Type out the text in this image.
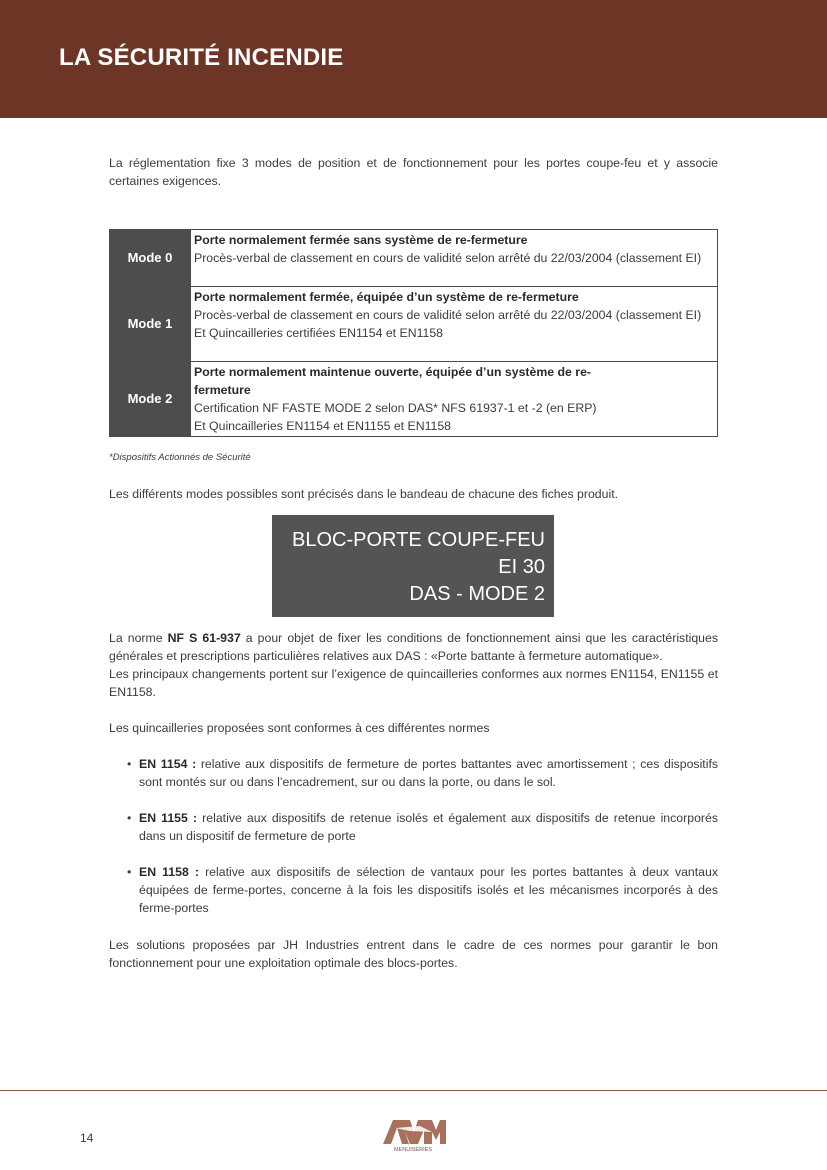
LA SÉCURITÉ INCENDIE

La réglementation fixe 3 modes de position et de fonctionnement pour les portes coupe-feu et y associe certaines exigences.

Mode 0	Porte normalement fermée sans système de re-fermeture
Procès-verbal de classement en cours de validité selon arrêté du 22/03/2004 (classement EI)

Mode 1	Porte normalement fermée, équipée d’un système de re-fermeture
Procès-verbal de classement en cours de validité selon arrêté du 22/03/2004 (classement EI)
Et Quincailleries certifiées EN1154 et EN1158

Mode 2	Porte normalement maintenue ouverte, équipée d’un système de re-fermeture
Certification NF FASTE MODE 2 selon DAS* NFS 61937-1 et -2 (en ERP)
Et Quincailleries EN1154 et EN1155 et EN1158

*Dispositifs Actionnés de Sécurité

Les différents modes possibles sont précisés dans le bandeau de chacune des fiches produit.

BLOC-PORTE COUPE-FEU
EI 30
DAS - MODE 2

La norme NF S 61-937 a pour objet de fixer les conditions de fonctionnement ainsi que les caractéristiques générales et prescriptions particulières relatives aux DAS : «Porte battante à fermeture automatique».

Les principaux changements portent sur l’exigence de quincailleries conformes aux normes EN1154, EN1155 et EN1158.

Les quincailleries proposées sont conformes à ces différentes normes

• EN 1154 : relative aux dispositifs de fermeture de portes battantes avec amortissement ; ces dispositifs sont montés sur ou dans l’encadrement, sur ou dans la porte, ou dans le sol.

• EN 1155 : relative aux dispositifs de retenue isolés et également aux dispositifs de retenue incorporés dans un dispositif de fermeture de porte

• EN 1158 : relative aux dispositifs de sélection de vantaux pour les portes battantes à deux vantaux équipées de ferme-portes, concerne à la fois les dispositifs isolés et les mécanismes incorporés à des ferme-portes

Les solutions proposées par JH Industries entrent dans le cadre de ces normes pour garantir le bon fonctionnement pour une exploitation optimale des blocs-portes.

14

MENUISERIES
